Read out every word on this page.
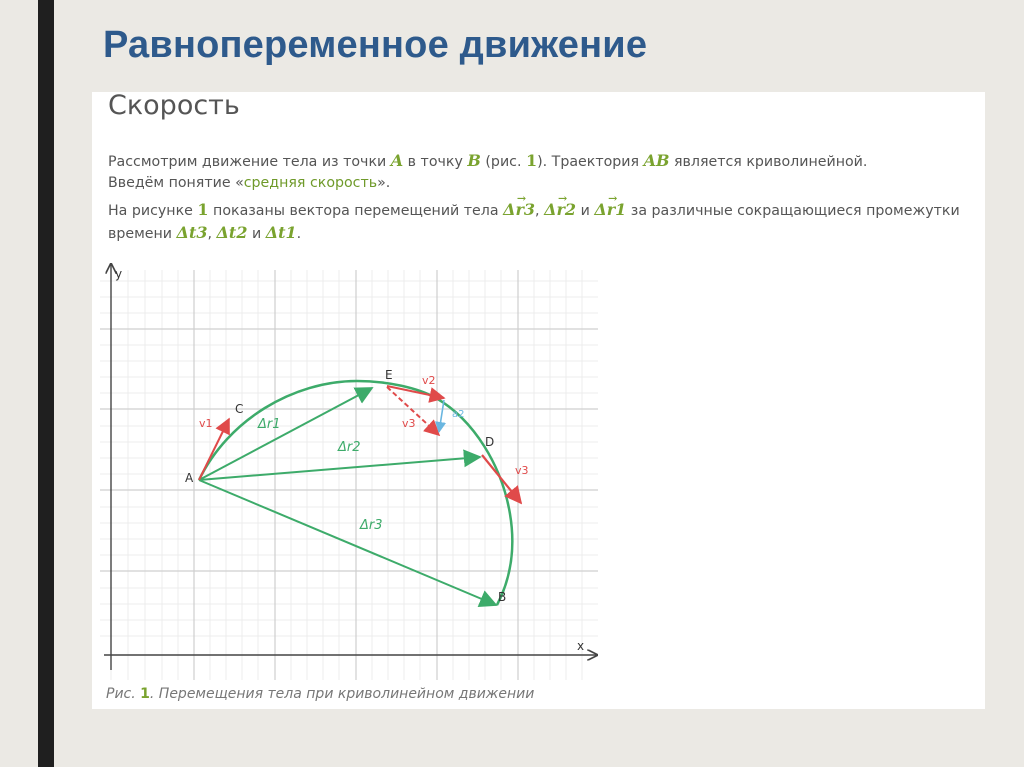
Равнопеременное движение
Скорость

Рассмотрим движение тела из точки A в точку B (рис. 1). Траектория AB является криволинейной.

Введём понятие «средняя скорость».

На рисунке 1 показаны вектора перемещений тела → Δr3, → Δr2 и → Δr1 за различные сокращающиеся промежутки

времени Δt3, Δt2 и Δt1.

y
x
A
B
C
D
E
Δr1
Δr2
Δr3
v1
v2
v3
v3
a2

Рис. 1. Перемещения тела при криволинейном движении
